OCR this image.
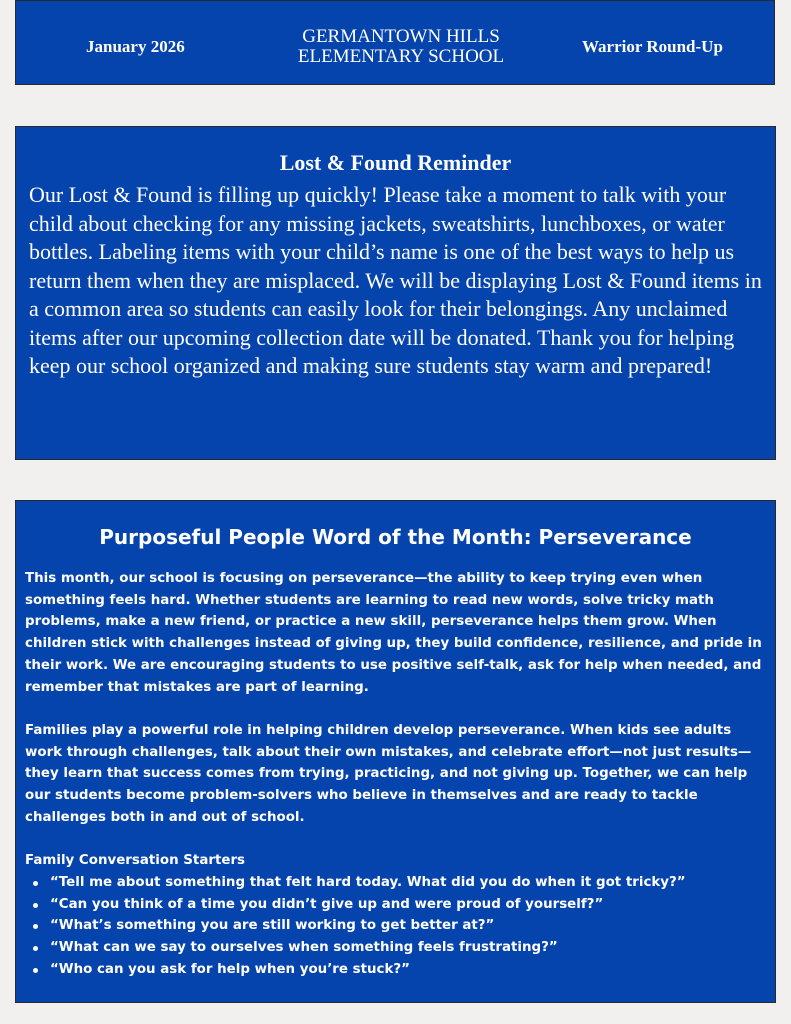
January 2026	GERMANTOWN HILLS
ELEMENTARY SCHOOL	Warrior Round-Up
Lost & Found Reminder
Our Lost & Found is filling up quickly! Please take a moment to talk with your child about checking for any missing jackets, sweatshirts, lunchboxes, or water bottles. Labeling items with your child’s name is one of the best ways to help us return them when they are misplaced. We will be displaying Lost & Found items in a common area so students can easily look for their belongings. Any unclaimed items after our upcoming collection date will be donated. Thank you for helping keep our school organized and making sure students stay warm and prepared!
Purposeful People Word of the Month: Perseverance

This month, our school is focusing on perseverance—the ability to keep trying even when something feels hard. Whether students are learning to read new words, solve tricky math problems, make a new friend, or practice a new skill, perseverance helps them grow. When children stick with challenges instead of giving up, they build confidence, resilience, and pride in their work. We are encouraging students to use positive self-talk, ask for help when needed, and remember that mistakes are part of learning.

Families play a powerful role in helping children develop perseverance. When kids see adults work through challenges, talk about their own mistakes, and celebrate effort—not just results—they learn that success comes from trying, practicing, and not giving up. Together, we can help our students become problem-solvers who believe in themselves and are ready to tackle challenges both in and out of school.

Family Conversation Starters
“Tell me about something that felt hard today. What did you do when it got tricky?”
“Can you think of a time you didn’t give up and were proud of yourself?”
“What’s something you are still working to get better at?”
“What can we say to ourselves when something feels frustrating?”
“Who can you ask for help when you’re stuck?”
